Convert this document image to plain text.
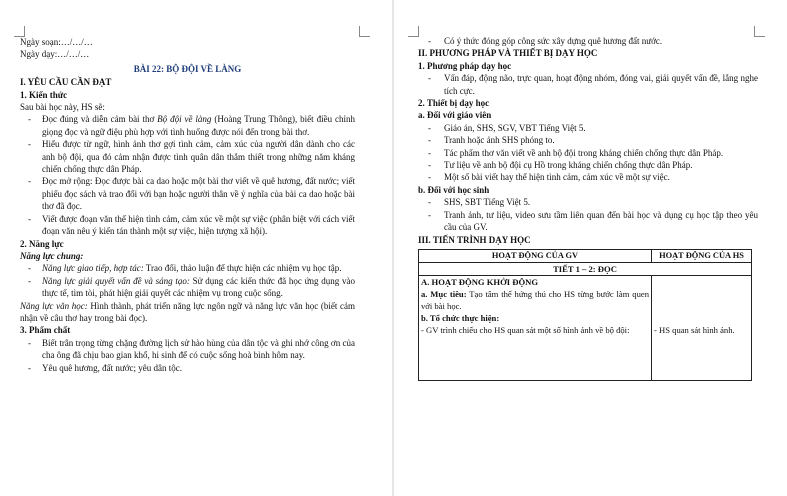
Ngày soạn:…/…/…

Ngày dạy:…/…/…

BÀI 22: BỘ ĐỘI VỀ LÀNG

I. YÊU CẦU CẦN ĐẠT

1. Kiến thức

Sau bài học này, HS sẽ:

- Đọc đúng và diễn cảm bài thơ Bộ đội về làng (Hoàng Trung Thông), biết điều chỉnh giọng đọc và ngữ điệu phù hợp với tình huống được nói đến trong bài thơ.
- Hiểu được từ ngữ, hình ảnh thơ gợi tình cảm, cảm xúc của người dân dành cho các anh bộ đội, qua đó cảm nhận được tình quân dân thắm thiết trong những năm kháng chiến chống thực dân Pháp.
- Đọc mở rộng: Đọc được bài ca dao hoặc một bài thơ viết về quê hương, đất nước; viết phiếu đọc sách và trao đổi với bạn hoặc người thân về ý nghĩa của bài ca dao hoặc bài thơ đã đọc.
- Viết được đoạn văn thể hiện tình cảm, cảm xúc về một sự việc (phân biệt với cách viết đoạn văn nêu ý kiến tán thành một sự việc, hiện tượng xã hội).

2. Năng lực

Năng lực chung:

- Năng lực giao tiếp, hợp tác: Trao đổi, thảo luận để thực hiện các nhiệm vụ học tập.
- Năng lực giải quyết vấn đề và sáng tạo: Sử dụng các kiến thức đã học ứng dụng vào thực tế, tìm tòi, phát hiện giải quyết các nhiệm vụ trong cuộc sống.

Năng lực văn học: Hình thành, phát triển năng lực ngôn ngữ và năng lực văn học (biết cảm nhận về câu thơ hay trong bài đọc).

3. Phẩm chất

- Biết trân trọng từng chặng đường lịch sử hào hùng của dân tộc và ghi nhớ công ơn của cha ông đã chịu bao gian khổ, hi sinh để có cuộc sống hoà bình hôm nay.
- Yêu quê hương, đất nước; yêu dân tộc.
- Có ý thức đóng góp công sức xây dựng quê hương đất nước.

II. PHƯƠNG PHÁP VÀ THIẾT BỊ DẠY HỌC

1. Phương pháp dạy học

- Vấn đáp, động não, trực quan, hoạt động nhóm, đóng vai, giải quyết vấn đề, lắng nghe tích cực.

2. Thiết bị dạy học

a. Đối với giáo viên

- Giáo án, SHS, SGV, VBT Tiếng Việt 5.
- Tranh hoặc ảnh SHS phóng to.
- Tác phẩm thơ văn viết về anh bộ đội trong kháng chiến chống thực dân Pháp.
- Tư liệu về anh bộ đội cụ Hồ trong kháng chiến chống thực dân Pháp.
- Một số bài viết hay thể hiện tình cảm, cảm xúc về một sự việc.

b. Đối với học sinh

- SHS, SBT Tiếng Việt 5.
- Tranh ảnh, tư liệu, video sưu tầm liên quan đến bài học và dụng cụ học tập theo yêu cầu của GV.

III. TIẾN TRÌNH DẠY HỌC

HOẠT ĐỘNG CỦA GV	HOẠT ĐỘNG CỦA HS
TIẾT 1 – 2: ĐỌC	

A. HOẠT ĐỘNG KHỞI ĐỘNG

a. Mục tiêu: Tạo tâm thế hứng thú cho HS từng bước làm quen với bài học.

b. Tổ chức thực hiện:

- GV trình chiếu cho HS quan sát một số hình ảnh về bộ đội:	- HS quan sát hình ảnh.
